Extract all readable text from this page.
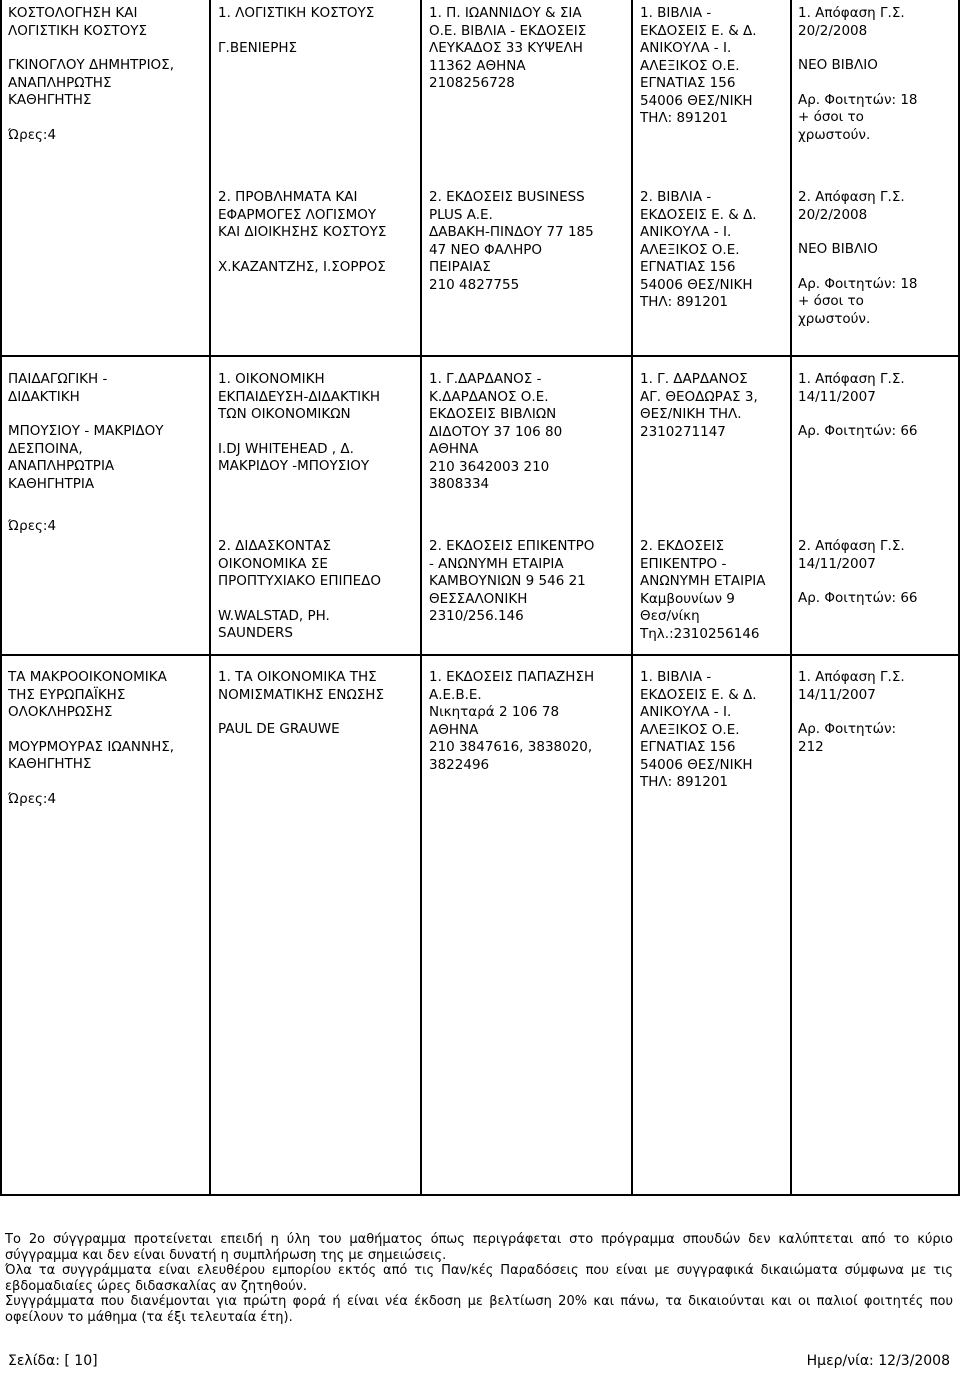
ΚΟΣΤΟΛΟΓΗΣΗ ΚΑΙ
ΛΟΓΙΣΤΙΚΗ ΚΟΣΤΟΥΣ
ΓΚΙΝΟΓΛΟΥ ΔΗΜΗΤΡΙΟΣ,
ΑΝΑΠΛΗΡΩΤΗΣ
ΚΑΘΗΓΗΤΗΣ
Ώρες:4
1. ΛΟΓΙΣΤΙΚΗ ΚΟΣΤΟΥΣ
Γ.ΒΕΝΙΕΡΗΣ
1. Π. ΙΩΑΝΝΙΔΟΥ & ΣΙΑ
Ο.Ε. ΒΙΒΛΙΑ - ΕΚΔΟΣΕΙΣ
ΛΕΥΚΑΔΟΣ 33 ΚΥΨΕΛΗ
11362 ΑΘΗΝΑ
2108256728
1. ΒΙΒΛΙΑ -
ΕΚΔΟΣΕΙΣ Ε. & Δ.
ΑΝΙΚΟΥΛΑ - Ι.
ΑΛΕΞΙΚΟΣ Ο.Ε.
ΕΓΝΑΤΙΑΣ 156
54006 ΘΕΣ/ΝΙΚΗ
ΤΗΛ: 891201
1. Απόφαση Γ.Σ.
20/2/2008
ΝΕΟ ΒΙΒΛΙΟ
Αρ. Φοιτητών: 18
+ όσοι το
χρωστούν.
2. ΠΡΟΒΛΗΜΑΤΑ ΚΑΙ
ΕΦΑΡΜΟΓΕΣ ΛΟΓΙΣΜΟΥ
ΚΑΙ ΔΙΟΙΚΗΣΗΣ ΚΟΣΤΟΥΣ
Χ.ΚΑΖΑΝΤΖΗΣ, Ι.ΣΟΡΡΟΣ
2. ΕΚΔΟΣΕΙΣ BUSINESS
PLUS A.E.
ΔΑΒΑΚΗ-ΠΙΝΔΟΥ 77 185
47 ΝΕΟ ΦΑΛΗΡΟ
ΠΕΙΡΑΙΑΣ
210 4827755
2. ΒΙΒΛΙΑ -
ΕΚΔΟΣΕΙΣ Ε. & Δ.
ΑΝΙΚΟΥΛΑ - Ι.
ΑΛΕΞΙΚΟΣ Ο.Ε.
ΕΓΝΑΤΙΑΣ 156
54006 ΘΕΣ/ΝΙΚΗ
ΤΗΛ: 891201
2. Απόφαση Γ.Σ.
20/2/2008
ΝΕΟ ΒΙΒΛΙΟ
Αρ. Φοιτητών: 18
+ όσοι το
χρωστούν.
ΠΑΙΔΑΓΩΓΙΚΗ -
ΔΙΔΑΚΤΙΚΗ
ΜΠΟΥΣΙΟΥ - ΜΑΚΡΙΔΟΥ
ΔΕΣΠΟΙΝΑ,
ΑΝΑΠΛΗΡΩΤΡΙΑ
ΚΑΘΗΓΗΤΡΙΑ
Ώρες:4
1. ΟΙΚΟΝΟΜΙΚΗ
ΕΚΠΑΙΔΕΥΣΗ-ΔΙΔΑΚΤΙΚΗ
ΤΩΝ ΟΙΚΟΝΟΜΙΚΩΝ
I.DJ WHITEHEAD , Δ.
ΜΑΚΡΙΔΟΥ -ΜΠΟΥΣΙΟΥ
1. Γ.ΔΑΡΔΑΝΟΣ -
Κ.ΔΑΡΔΑΝΟΣ Ο.Ε.
ΕΚΔΟΣΕΙΣ ΒΙΒΛΙΩΝ
ΔΙΔΟΤΟΥ 37 106 80
ΑΘΗΝΑ
210 3642003 210
3808334
1. Γ. ΔΑΡΔΑΝΟΣ
ΑΓ. ΘΕΟΔΩΡΑΣ 3,
ΘΕΣ/ΝΙΚΗ ΤΗΛ.
2310271147
1. Απόφαση Γ.Σ.
14/11/2007
Αρ. Φοιτητών: 66
2. ΔΙΔΑΣΚΟΝΤΑΣ
ΟΙΚΟΝΟΜΙΚΑ ΣΕ
ΠΡΟΠΤΥΧΙΑΚΟ ΕΠΙΠΕΔΟ
W.WALSTAD, PH.
SAUNDERS
2. ΕΚΔΟΣΕΙΣ ΕΠΙΚΕΝΤΡΟ
- ΑΝΩΝΥΜΗ ΕΤΑΙΡΙΑ
ΚΑΜΒΟΥΝΙΩΝ 9 546 21
ΘΕΣΣΑΛΟΝΙΚΗ
2310/256.146
2. ΕΚΔΟΣΕΙΣ
ΕΠΙΚΕΝΤΡΟ -
ΑΝΩΝΥΜΗ ΕΤΑΙΡΙΑ
Καμβουνίων 9
Θεσ/νίκη
Τηλ.:2310256146
2. Απόφαση Γ.Σ.
14/11/2007
Αρ. Φοιτητών: 66
ΤΑ ΜΑΚΡΟΟΙΚΟΝΟΜΙΚΑ
ΤΗΣ ΕΥΡΩΠΑΪΚΗΣ
ΟΛΟΚΛΗΡΩΣΗΣ
ΜΟΥΡΜΟΥΡΑΣ ΙΩΑΝΝΗΣ,
ΚΑΘΗΓΗΤΗΣ
Ώρες:4
1. ΤΑ ΟΙΚΟΝΟΜΙΚΑ ΤΗΣ
ΝΟΜΙΣΜΑΤΙΚΗΣ ΕΝΩΣΗΣ
PAUL DE GRAUWE
1. ΕΚΔΟΣΕΙΣ ΠΑΠΑΖΗΣΗ
Α.Ε.Β.Ε.
Νικηταρά 2 106 78
ΑΘΗΝΑ
210 3847616, 3838020,
3822496
1. ΒΙΒΛΙΑ -
ΕΚΔΟΣΕΙΣ Ε. & Δ.
ΑΝΙΚΟΥΛΑ - Ι.
ΑΛΕΞΙΚΟΣ Ο.Ε.
ΕΓΝΑΤΙΑΣ 156
54006 ΘΕΣ/ΝΙΚΗ
ΤΗΛ: 891201
1. Απόφαση Γ.Σ.
14/11/2007
Αρ. Φοιτητών:
212

Το 2ο σύγγραμμα προτείνεται επειδή η ύλη του μαθήματος όπως περιγράφεται στο πρόγραμμα σπουδών δεν καλύπτεται από το κύριο σύγγραμμα και δεν είναι δυνατή η συμπλήρωση της με σημειώσεις.

Όλα τα συγγράμματα είναι ελευθέρου εμπορίου εκτός από τις Παν/κές Παραδόσεις που είναι με συγγραφικά δικαιώματα σύμφωνα με τις εβδομαδιαίες ώρες διδασκαλίας αν ζητηθούν.

Συγγράμματα που διανέμονται για πρώτη φορά ή είναι νέα έκδοση με βελτίωση 20% και πάνω, τα δικαιούνται και οι παλιοί φοιτητές που οφείλουν το μάθημα (τα έξι τελευταία έτη).

Σελίδα: [ 10]	Ημερ/νία: 12/3/2008
